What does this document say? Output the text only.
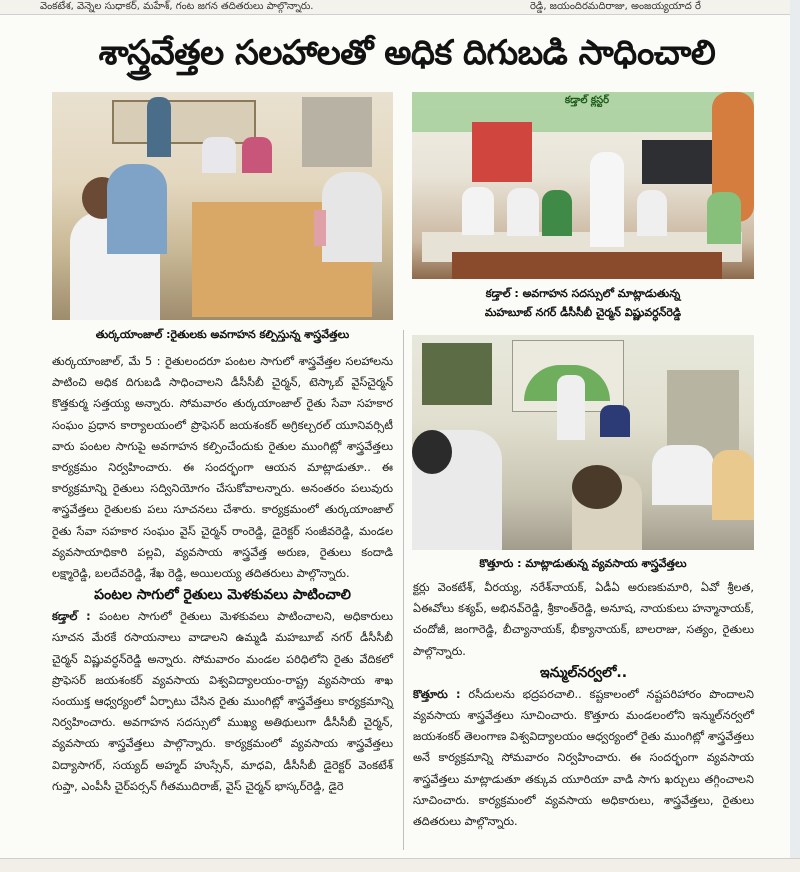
వెంకటేశ, వెన్నెల సుధాకర్, మహేశ్, గంట జగన తదితరులు పాల్గొన్నారు.	రెడ్డి, జయందిరమదిరాజు, అంజయ్యయాద రే
శాస్త్రవేత్తల సలహాలతో అధిక దిగుబడి సాధించాలి
తుర్కయాంజాల్ :రైతులకు అవగాహన కల్పిస్తున్న శాస్త్రవేత్తలు
కడ్తాల్ క్లస్టర్
కడ్తాల్ : అవగాహన సదస్సులో మాట్లాడుతున్న
మహబూబ్ నగర్ డీసీసీబీ చైర్మన్ విష్ణువర్ధన్‌రెడ్డి
కొత్తూరు : మాట్లాడుతున్న వ్యవసాయ శాస్త్రవేత్తలు

తుర్కయాంజాల్, మే 5 : రైతులందరూ పంటల సాగులో శాస్త్రవేత్తల సలహాలను పాటించి అధిక దిగుబడి సాధించాలని డీసీసీబీ చైర్మన్, టెస్కాబ్ వైస్‌చైర్మన్ కొత్తకుర్మ సత్తయ్య అన్నారు. సోమవారం తుర్కయాంజాల్ రైతు సేవా సహకార సంఘం ప్రధాన కార్యాలయంలో ప్రొఫెసర్ జయశంకర్ అగ్రికల్చరల్ యూనివర్సిటీ వారు పంటల సాగుపై అవగాహన కల్పించేందుకు రైతుల ముంగిట్లో శాస్త్రవేత్తలు కార్యక్రమం నిర్వహించారు. ఈ సందర్భంగా ఆయన మాట్లాడుతూ.. ఈ కార్యక్రమాన్ని రైతులు సద్వినియోగం చేసుకోవాలన్నారు. అనంతరం పలువురు శాస్త్రవేత్తలు రైతులకు పలు సూచనలు చేశారు. కార్యక్రమంలో తుర్కయాంజాల్ రైతు సేవా సహకార సంఘం వైస్ చైర్మన్ రాంరెడ్డి, డైరెక్టర్ సంజీవరెడ్డి, మండల వ్యవసాయాధికారి పల్లవి, వ్యవసాయ శాస్త్రవేత్త అరుణ, రైతులు కందాడి లక్ష్మారెడ్డి, బలదేవరెడ్డి, శేఖ రెడ్డి, అయిలయ్య తదితరులు పాల్గొన్నారు.

పంటల సాగులో రైతులు మెళకువలు పాటించాలి

కడ్తాల్ : పంటల సాగులో రైతులు మెళకువలు పాటించాలని, అధికారులు సూచన మేరకే రసాయనాలు వాడాలని ఉమ్మడి మహబూబ్ నగర్ డీసీసీబీ చైర్మన్ విష్ణువర్ధన్‌రెడ్డి అన్నారు. సోమవారం మండల పరిధిలోని రైతు వేదికలో ప్రొఫెసర్ జయశంకర్ వ్యవసాయ విశ్వవిద్యాలయం-రాష్ట్ర వ్యవసాయ శాఖ సంయుక్త ఆధ్వర్యంలో ఏర్పాటు చేసిన రైతు ముంగిట్లో శాస్త్రవేత్తలు కార్యక్రమాన్ని నిర్వహించారు. అవగాహన సదస్సులో ముఖ్య అతిథులుగా డీసీసీబీ చైర్మన్, వ్యవసాయ శాస్త్రవేత్తలు పాల్గొన్నారు. కార్యక్రమంలో వ్యవసాయ శాస్త్రవేత్తలు విద్యాసాగర్, సయ్యద్ అహ్మద్ హుస్సేన్, మాధవి, డీసీసీబీ డైరెక్టర్ వెంకటేశ్ గుప్తా, ఎంపీసీ చైర్‌పర్సన్ గీతముదిరాజ్, వైస్ చైర్మన్ భాస్కర్‌రెడ్డి, డైరె

క్టర్లు వెంకటేశ్, వీరయ్య, నరేశ్‌నాయక్, ఏడీఏ అరుణకుమారి, ఏవో శ్రీలత, ఏఈవోలు కశ్యప్, అభినవ్‌రెడ్డి, శ్రీకాంత్‌రెడ్డి, అనూష, నాయకులు హన్మానాయక్, చందోజీ, జంగారెడ్డి, బీచ్యానాయక్, భీక్యానాయక్, బాలరాజు, సత్యం, రైతులు పాల్గొన్నారు.

ఇన్ముల్‌నర్వలో..

కొత్తూరు : రసీదులను భద్రపరచాలి.. కష్టకాలంలో నష్టపరిహారం పొందాలని వ్యవసాయ శాస్త్రవేత్తలు సూచించారు. కొత్తూరు మండలంలోని ఇన్ముల్‌నర్వలో జయశంకర్ తెలంగాణ విశ్వవిద్యాలయం ఆధ్వర్యంలో రైతు ముంగిట్లో శాస్త్రవేత్తలు అనే కార్యక్రమాన్ని సోమవారం నిర్వహించారు. ఈ సందర్భంగా వ్యవసాయ శాస్త్రవేత్తలు మాట్లాడుతూ తక్కువ యూరియా వాడి సాగు ఖర్చులు తగ్గించాలని సూచించారు. కార్యక్రమంలో వ్యవసాయ అధికారులు, శాస్త్రవేత్తలు, రైతులు తదితరులు పాల్గొన్నారు.
